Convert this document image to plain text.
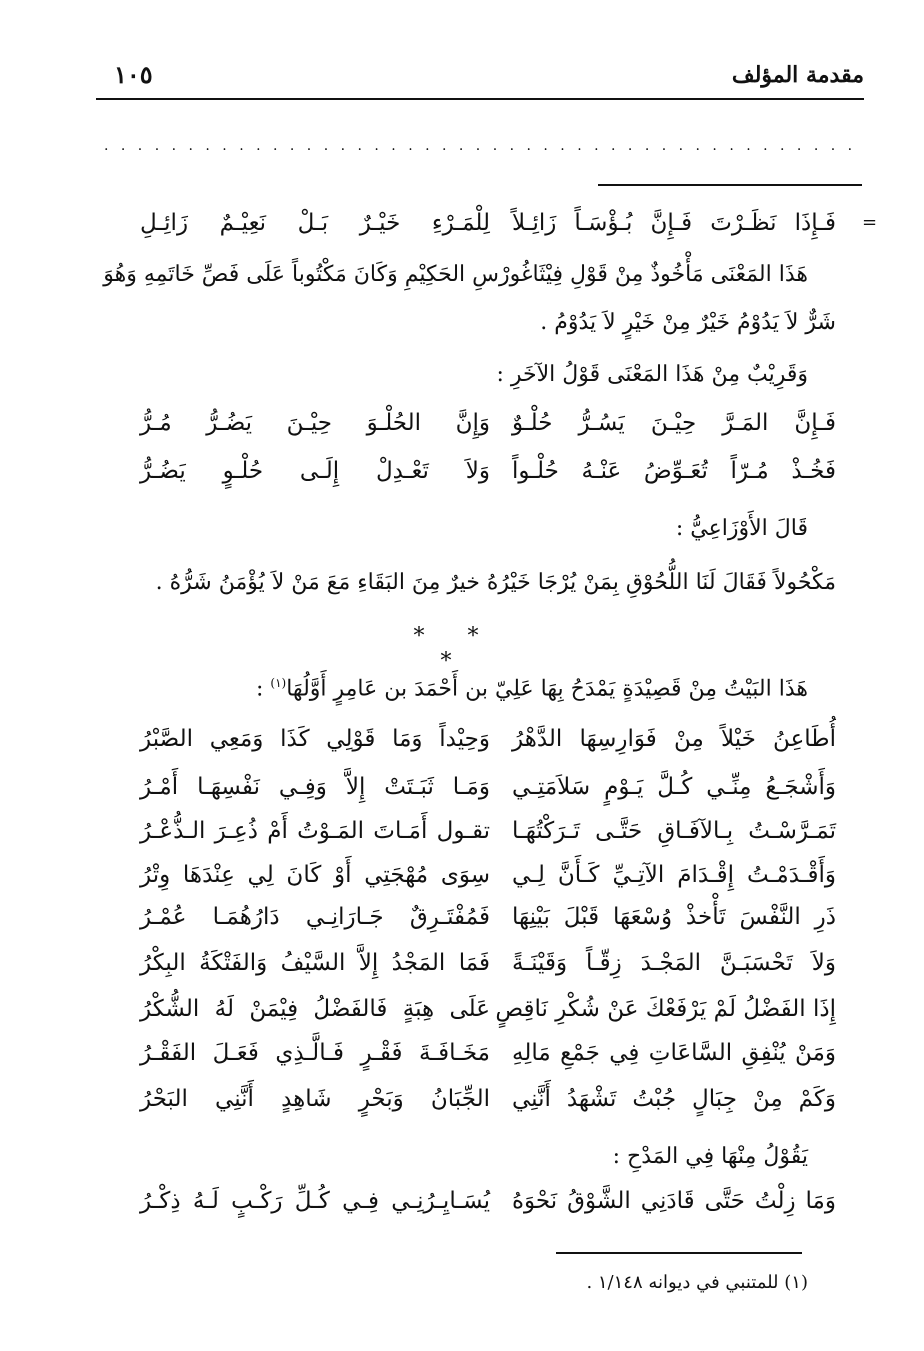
مقدمة المؤلف
١٠٥
. . .
=
فَـإِذَا نَظَـرْتَ فَـإِنَّ بُـؤْسَـاً زَائِـلاً
لِلْمَـرْءِ خَيْـرٌ بَـلْ نَعِيْـمٌ زَائِـلِ
هَذَا المَعْنَى مَأْخُوذٌ مِنْ قَوْلِ فِيْثَاغُورْسِ الحَكِيْمِ وَكَانَ مَكْتُوباً عَلَى فَصِّ خَاتَمِهِ وَهُوَ
شَرٌّ لاَ يَدُوْمُ خَيْرٌ مِنْ خَيْرٍ لاَ يَدُوْمُ .
وَقَرِيْبٌ مِنْ هَذَا المَعْنَى قَوْلُ الآخَرِ :
فَـإِنَّ المَـرَّ حِيْـنَ يَسُـرُّ حُلْـوٌ
وَإِنَّ الحُلْـوَ حِيْـنَ يَضُـرُّ مُـرُّ
فَخُـذْ مُـرّاً تُعَـوِّضُ عَنْـهُ حُلْـواً
وَلاَ تَعْـدِلْ إِلَـى حُلْـوٍ يَضُـرُّ
قَالَ الأَوْزَاعِيُّ :
مَكْحُولاً فَقَالَ لَنَا اللُّحُوْقِ بِمَنْ يُرْجَا خَيْرُهُ خيرٌ مِنَ البَقَاءِ مَعَ مَنْ لاَ يُؤْمَنُ شَرُّهُ .
* * *
هَذَا البَيْتُ مِنْ قَصِيْدَةٍ يَمْدَحُ بِهَا عَلِيّ بن أَحْمَدَ بن عَامِرٍ أَوَّلُهَا$^{(١)}$ :
أُطَاعِنُ خَيْلاً مِنْ فَوَارِسِهَا الدَّهْرُ
وَحِيْداً وَمَا قَوْلِي كَذَا وَمَعِي الصَّبْرُ
وَأَشْجَـعُ مِنِّـي كُـلَّ يَـوْمٍ سَلاَمَتِـي
وَمَـا ثَبَـتَتْ إِلاَّ وَفِـي نَفْسِهَـا أَمْـرُ
تَمَـرَّسْـتُ بِـالآفَـاقِ حَتَّـى تَـرَكْتُهَـا
تقـول أَمَـاتَ المَـوْتُ أَمْ ذُعِـرَ الـذُّعْـرُ
وَأَقْـدَمْـتُ إِقْـدَامَ الآتِـيِّ كَـأَنَّ لِـي
سِوَى مُهْجَتِي أَوْ كَانَ لِي عِنْدَهَا وِتْرُ
ذَرِ النَّفْسَ تَأْخذْ وُسْعَهَا قَبْلَ بَيْنِهَا
فَمُفْتَـرِقٌ جَـارَانِـي دَارُهُمَـا عُمْـرُ
وَلاَ تَحْسَبَـنَّ المَجْـدَ زِقّـاً وَقَيْنَـةً
فَمَا المَجْدُ إِلاَّ السَّيْفُ وَالفَتْكَةُ البِكْرُ
إِذَا الفَضْلُ لَمْ يَرْفَعْكَ عَنْ شُكْرِ نَاقِصٍ
عَلَى هِبَةٍ فَالفَضْلُ فِيْمَنْ لَهُ الشُّكْرُ
وَمَنْ يُنْفِقِ السَّاعَاتِ فِي جَمْعِ مَالِهِ
مَخَـافَـةَ فَقْـرٍ فَـالَّـذِي فَعَـلَ الفَقْـرُ
وَكَمْ مِنْ جِبَالٍ جُبْتُ تَشْهَدُ أَنَّنِي
الجِّبَانُ وَبَحْرٍ شَاهِدٍ أَنَّنِي البَحْرُ
يَقُوْلُ مِنْهَا فِي المَدْحِ :
وَمَا زِلْتُ حَتَّى قَادَنِي الشَّوْقُ نَحْوَهُ
يُسَـايِـرُنِـي فِـي كُـلِّ رَكْـبٍ لَـهُ ذِكْـرُ
(١) للمتنبي في ديوانه ١/١٤٨ .
